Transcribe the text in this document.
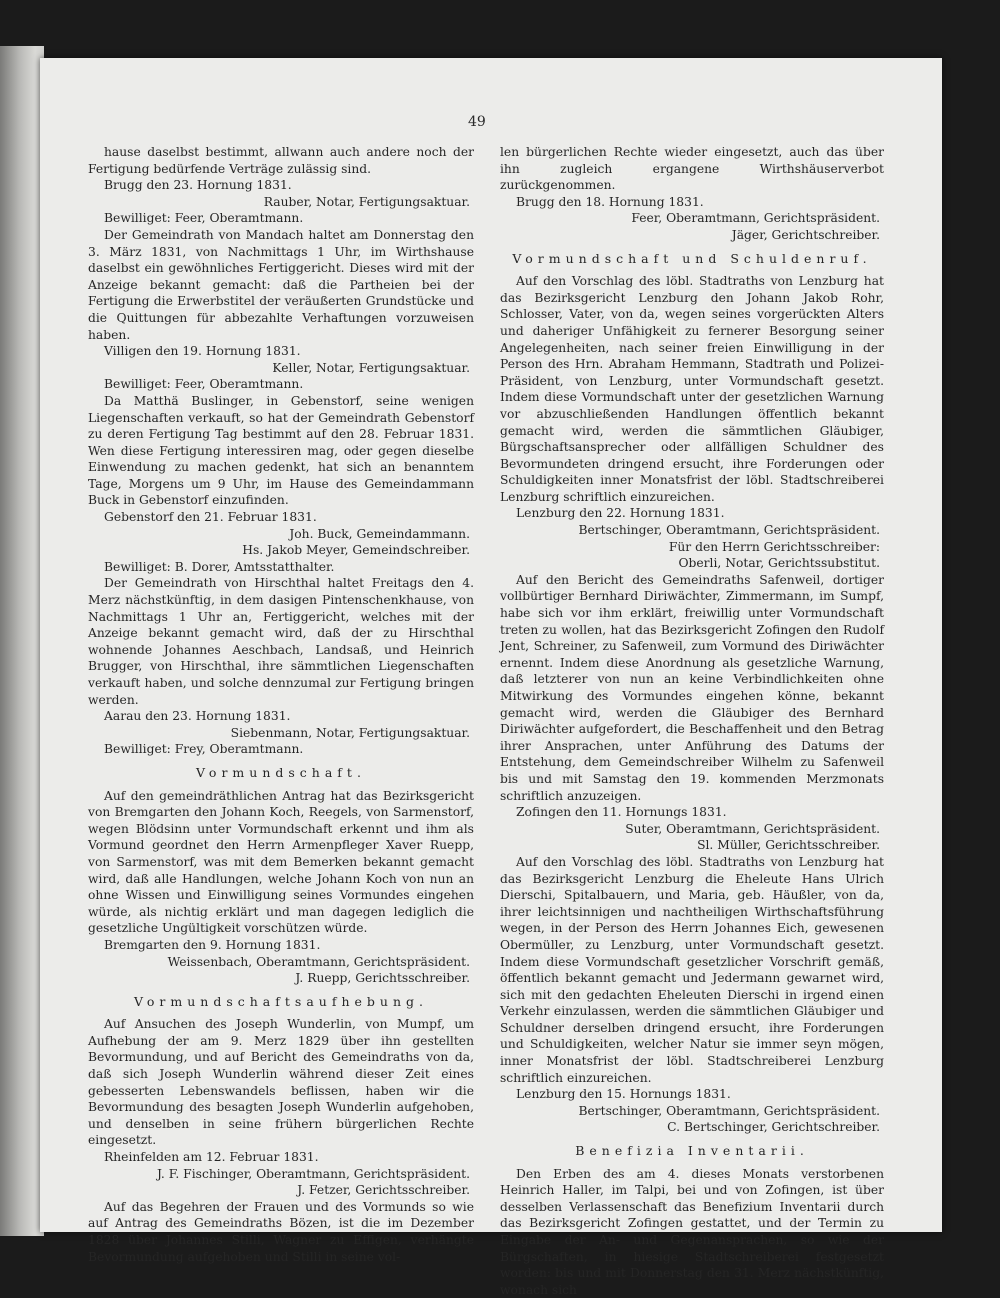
49

hause daselbst bestimmt, allwann auch andere noch der Fertigung bedürfende Verträge zulässig sind.

Brugg den 23. Hornung 1831.

Rauber, Notar, Fertigungsaktuar.

Bewilliget: Feer, Oberamtmann.

Der Gemeindrath von Mandach haltet am Donnerstag den 3. März 1831, von Nachmittags 1 Uhr, im Wirthshause daselbst ein gewöhnliches Fertiggericht. Dieses wird mit der Anzeige bekannt gemacht: daß die Partheien bei der Fertigung die Erwerbstitel der veräußerten Grundstücke und die Quittungen für abbezahlte Verhaftungen vorzuweisen haben.

Villigen den 19. Hornung 1831.

Keller, Notar, Fertigungsaktuar.

Bewilliget: Feer, Oberamtmann.

Da Matthä Buslinger, in Gebenstorf, seine wenigen Liegenschaften verkauft, so hat der Gemeindrath Gebenstorf zu deren Fertigung Tag bestimmt auf den 28. Februar 1831. Wen diese Fertigung interessiren mag, oder gegen dieselbe Einwendung zu machen gedenkt, hat sich an benanntem Tage, Morgens um 9 Uhr, im Hause des Gemeindammann Buck in Gebenstorf einzufinden.

Gebenstorf den 21. Februar 1831.

Joh. Buck, Gemeindammann.

Hs. Jakob Meyer, Gemeindschreiber.

Bewilliget: B. Dorer, Amtsstatthalter.

Der Gemeindrath von Hirschthal haltet Freitags den 4. Merz nächstkünftig, in dem dasigen Pintenschenkhause, von Nachmittags 1 Uhr an, Fertiggericht, welches mit der Anzeige bekannt gemacht wird, daß der zu Hirschthal wohnende Johannes Aeschbach, Landsaß, und Heinrich Brugger, von Hirschthal, ihre sämmtlichen Liegenschaften verkauft haben, und solche dennzumal zur Fertigung bringen werden.

Aarau den 23. Hornung 1831.

Siebenmann, Notar, Fertigungsaktuar.

Bewilliget: Frey, Oberamtmann.

Vormundschaft.

Auf den gemeindräthlichen Antrag hat das Bezirksgericht von Bremgarten den Johann Koch, Reegels, von Sarmenstorf, wegen Blödsinn unter Vormundschaft erkennt und ihm als Vormund geordnet den Herrn Armenpfleger Xaver Ruepp, von Sarmenstorf, was mit dem Bemerken bekannt gemacht wird, daß alle Handlungen, welche Johann Koch von nun an ohne Wissen und Einwilligung seines Vormundes eingehen würde, als nichtig erklärt und man dagegen lediglich die gesetzliche Ungültigkeit vorschützen würde.

Bremgarten den 9. Hornung 1831.

Weissenbach, Oberamtmann, Gerichtspräsident.

J. Ruepp, Gerichtsschreiber.

Vormundschaftsaufhebung.

Auf Ansuchen des Joseph Wunderlin, von Mumpf, um Aufhebung der am 9. Merz 1829 über ihn gestellten Bevormundung, und auf Bericht des Gemeindraths von da, daß sich Joseph Wunderlin während dieser Zeit eines gebesserten Lebenswandels beflissen, haben wir die Bevormundung des besagten Joseph Wunderlin aufgehoben, und denselben in seine frühern bürgerlichen Rechte eingesetzt.

Rheinfelden am 12. Februar 1831.

J. F. Fischinger, Oberamtmann, Gerichtspräsident.

J. Fetzer, Gerichtsschreiber.

Auf das Begehren der Frauen und des Vormunds so wie auf Antrag des Gemeindraths Bözen, ist die im Dezember 1828 über Johannes Stilli, Wagner zu Effigen, verhängte Bevormundung aufgehoben und Stilli in seine vol-

len bürgerlichen Rechte wieder eingesetzt, auch das über ihn zugleich ergangene Wirthshäuserverbot zurückgenommen.

Brugg den 18. Hornung 1831.

Feer, Oberamtmann, Gerichtspräsident.

Jäger, Gerichtschreiber.

Vormundschaft und Schuldenruf.

Auf den Vorschlag des löbl. Stadtraths von Lenzburg hat das Bezirksgericht Lenzburg den Johann Jakob Rohr, Schlosser, Vater, von da, wegen seines vorgerückten Alters und daheriger Unfähigkeit zu fernerer Besorgung seiner Angelegenheiten, nach seiner freien Einwilligung in der Person des Hrn. Abraham Hemmann, Stadtrath und Polizei-Präsident, von Lenzburg, unter Vormundschaft gesetzt. Indem diese Vormundschaft unter der gesetzlichen Warnung vor abzuschließenden Handlungen öffentlich bekannt gemacht wird, werden die sämmtlichen Gläubiger, Bürgschaftsansprecher oder allfälligen Schuldner des Bevormundeten dringend ersucht, ihre Forderungen oder Schuldigkeiten inner Monatsfrist der löbl. Stadtschreiberei Lenzburg schriftlich einzureichen.

Lenzburg den 22. Hornung 1831.

Bertschinger, Oberamtmann, Gerichtspräsident.

Für den Herrn Gerichtsschreiber:

Oberli, Notar, Gerichtssubstitut.

Auf den Bericht des Gemeindraths Safenweil, dortiger vollbürtiger Bernhard Diriwächter, Zimmermann, im Sumpf, habe sich vor ihm erklärt, freiwillig unter Vormundschaft treten zu wollen, hat das Bezirksgericht Zofingen den Rudolf Jent, Schreiner, zu Safenweil, zum Vormund des Diriwächter ernennt. Indem diese Anordnung als gesetzliche Warnung, daß letzterer von nun an keine Verbindlichkeiten ohne Mitwirkung des Vormundes eingehen könne, bekannt gemacht wird, werden die Gläubiger des Bernhard Diriwächter aufgefordert, die Beschaffenheit und den Betrag ihrer Ansprachen, unter Anführung des Datums der Entstehung, dem Gemeindschreiber Wilhelm zu Safenweil bis und mit Samstag den 19. kommenden Merzmonats schriftlich anzuzeigen.

Zofingen den 11. Hornungs 1831.

Suter, Oberamtmann, Gerichtspräsident.

Sl. Müller, Gerichtsschreiber.

Auf den Vorschlag des löbl. Stadtraths von Lenzburg hat das Bezirksgericht Lenzburg die Eheleute Hans Ulrich Dierschi, Spitalbauern, und Maria, geb. Häußler, von da, ihrer leichtsinnigen und nachtheiligen Wirthschaftsführung wegen, in der Person des Herrn Johannes Eich, gewesenen Obermüller, zu Lenzburg, unter Vormundschaft gesetzt. Indem diese Vormundschaft gesetzlicher Vorschrift gemäß, öffentlich bekannt gemacht und Jedermann gewarnet wird, sich mit den gedachten Eheleuten Dierschi in irgend einen Verkehr einzulassen, werden die sämmtlichen Gläubiger und Schuldner derselben dringend ersucht, ihre Forderungen und Schuldigkeiten, welcher Natur sie immer seyn mögen, inner Monatsfrist der löbl. Stadtschreiberei Lenzburg schriftlich einzureichen.

Lenzburg den 15. Hornungs 1831.

Bertschinger, Oberamtmann, Gerichtspräsident.

C. Bertschinger, Gerichtschreiber.

Benefizia Inventarii.

Den Erben des am 4. dieses Monats verstorbenen Heinrich Haller, im Talpi, bei und von Zofingen, ist über desselben Verlassenschaft das Benefizium Inventarii durch das Bezirksgericht Zofingen gestattet, und der Termin zu Eingabe der An- und Gegenansprachen, so wie der Bürgschaften, in hiesige Stadtschreiberei festgesetzt worden: bis und mit Donnerstag den 31. Merz nächstkünftig, wonach sich
